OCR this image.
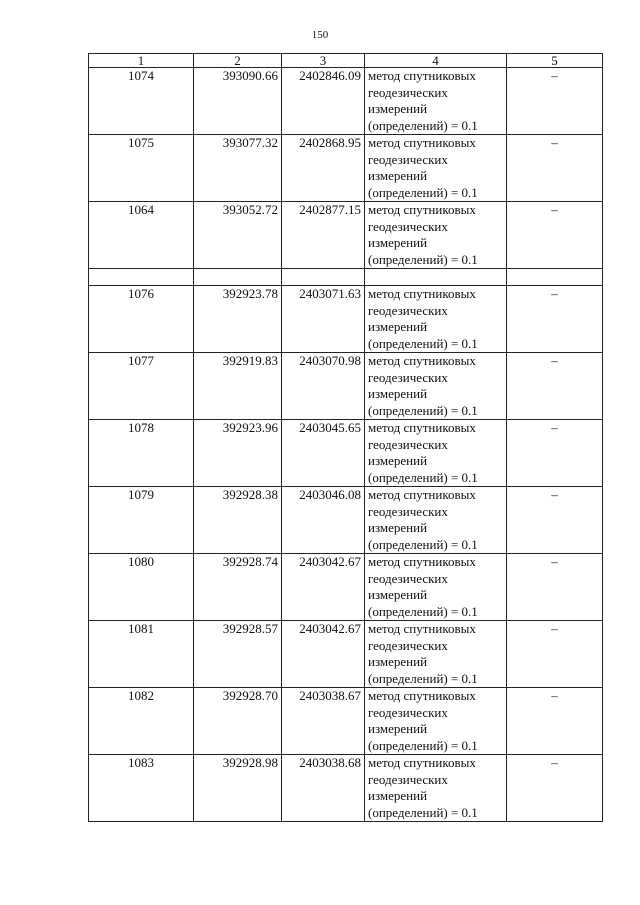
150
1	2	3	4	5
1074	393090.66	2402846.09	метод спутниковых
геодезических
измерений
(определений) = 0.1	–
1075	393077.32	2402868.95	метод спутниковых
геодезических
измерений
(определений) = 0.1	–
1064	393052.72	2402877.15	метод спутниковых
геодезических
измерений
(определений) = 0.1	–

1076	392923.78	2403071.63	метод спутниковых
геодезических
измерений
(определений) = 0.1	–
1077	392919.83	2403070.98	метод спутниковых
геодезических
измерений
(определений) = 0.1	–
1078	392923.96	2403045.65	метод спутниковых
геодезических
измерений
(определений) = 0.1	–
1079	392928.38	2403046.08	метод спутниковых
геодезических
измерений
(определений) = 0.1	–
1080	392928.74	2403042.67	метод спутниковых
геодезических
измерений
(определений) = 0.1	–
1081	392928.57	2403042.67	метод спутниковых
геодезических
измерений
(определений) = 0.1	–
1082	392928.70	2403038.67	метод спутниковых
геодезических
измерений
(определений) = 0.1	–
1083	392928.98	2403038.68	метод спутниковых
геодезических
измерений
(определений) = 0.1	–
